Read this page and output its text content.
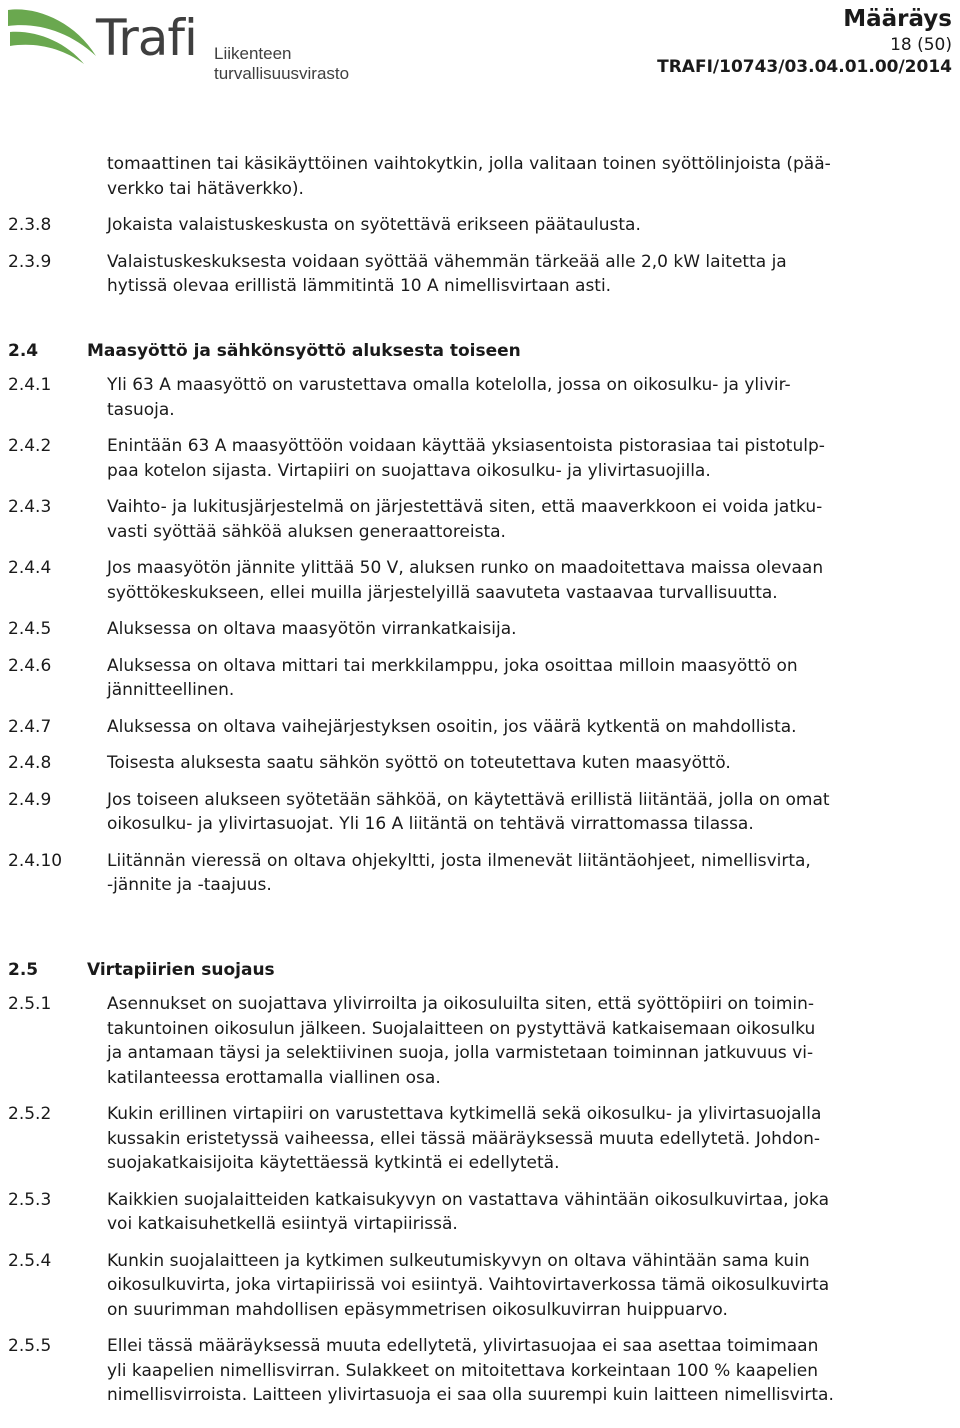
Trafi Liikenteen turvallisuusvirasto
Määräys
18 (50)
TRAFI/10743/03.04.01.00/2014
tomaattinen tai käsikäyttöinen vaihtokytkin, jolla valitaan toinen syöttölinjoista (pää-
verkko tai hätäverkko).
2.3.8	Jokaista valaistuskeskusta on syötettävä erikseen päätaulusta.
2.3.9	Valaistuskeskuksesta voidaan syöttää vähemmän tärkeää alle 2,0 kW laitetta ja
hytissä olevaa erillistä lämmitintä 10 A nimellisvirtaan asti.
2.4	Maasyöttö ja sähkönsyöttö aluksesta toiseen
2.4.1	Yli 63 A maasyöttö on varustettava omalla kotelolla, jossa on oikosulku- ja ylivir-
tasuoja.
2.4.2	Enintään 63 A maasyöttöön voidaan käyttää yksiasentoista pistorasiaa tai pistotulp-
paa kotelon sijasta. Virtapiiri on suojattava oikosulku- ja ylivirtasuojilla.
2.4.3	Vaihto- ja lukitusjärjestelmä on järjestettävä siten, että maaverkkoon ei voida jatku-
vasti syöttää sähköä aluksen generaattoreista.
2.4.4	Jos maasyötön jännite ylittää 50 V, aluksen runko on maadoitettava maissa olevaan
syöttökeskukseen, ellei muilla järjestelyillä saavuteta vastaavaa turvallisuutta.
2.4.5	Aluksessa on oltava maasyötön virrankatkaisija.
2.4.6	Aluksessa on oltava mittari tai merkkilamppu, joka osoittaa milloin maasyöttö on
jännitteellinen.
2.4.7	Aluksessa on oltava vaihejärjestyksen osoitin, jos väärä kytkentä on mahdollista.
2.4.8	Toisesta aluksesta saatu sähkön syöttö on toteutettava kuten maasyöttö.
2.4.9	Jos toiseen alukseen syötetään sähköä, on käytettävä erillistä liitäntää, jolla on omat
oikosulku- ja ylivirtasuojat. Yli 16 A liitäntä on tehtävä virrattomassa tilassa.
2.4.10	Liitännän vieressä on oltava ohjekyltti, josta ilmenevät liitäntäohjeet, nimellisvirta,
-jännite ja -taajuus.
2.5	Virtapiirien suojaus
2.5.1	Asennukset on suojattava ylivirroilta ja oikosuluilta siten, että syöttöpiiri on toimin-
takuntoinen oikosulun jälkeen. Suojalaitteen on pystyttävä katkaisemaan oikosulku
ja antamaan täysi ja selektiivinen suoja, jolla varmistetaan toiminnan jatkuvuus vi-
katilanteessa erottamalla viallinen osa.
2.5.2	Kukin erillinen virtapiiri on varustettava kytkimellä sekä oikosulku- ja ylivirtasuojalla
kussakin eristetyssä vaiheessa, ellei tässä määräyksessä muuta edellytetä. Johdon-
suojakatkaisijoita käytettäessä kytkintä ei edellytetä.
2.5.3	Kaikkien suojalaitteiden katkaisukyvyn on vastattava vähintään oikosulkuvirtaa, joka
voi katkaisuhetkellä esiintyä virtapiirissä.
2.5.4	Kunkin suojalaitteen ja kytkimen sulkeutumiskyvyn on oltava vähintään sama kuin
oikosulkuvirta, joka virtapiirissä voi esiintyä. Vaihtovirtaverkossa tämä oikosulkuvirta
on suurimman mahdollisen epäsymmetrisen oikosulkuvirran huippuarvo.
2.5.5	Ellei tässä määräyksessä muuta edellytetä, ylivirtasuojaa ei saa asettaa toimimaan
yli kaapelien nimellisvirran. Sulakkeet on mitoitettava korkeintaan 100 % kaapelien
nimellisvirroista. Laitteen ylivirtasuoja ei saa olla suurempi kuin laitteen nimellisvirta.
